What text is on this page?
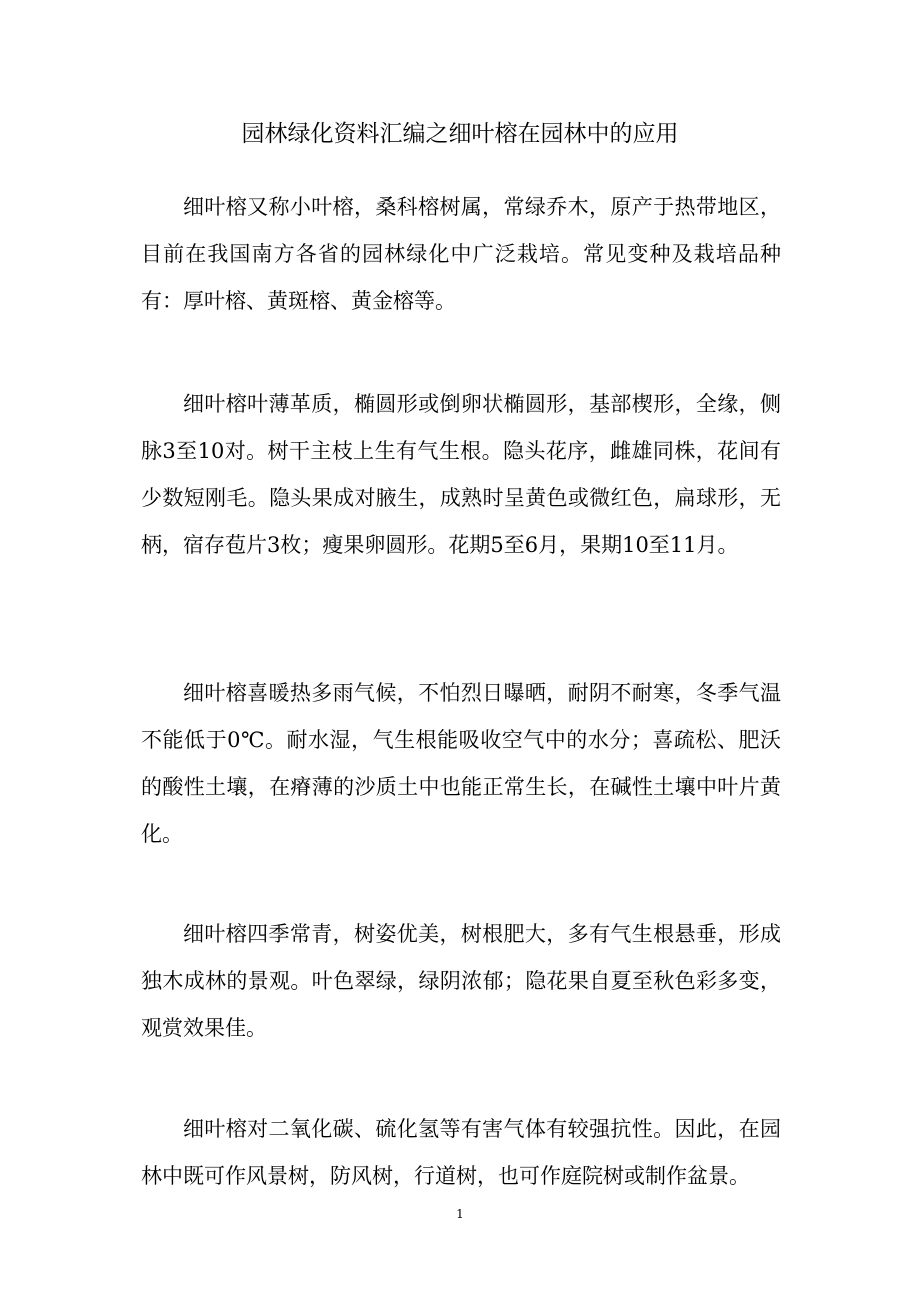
园林绿化资料汇编之细叶榕在园林中的应用

细叶榕又称小叶榕，桑科榕树属，常绿乔木，原产于热带地区，目前在我国南方各省的园林绿化中广泛栽培。常见变种及栽培品种有：厚叶榕、黄斑榕、黄金榕等。

细叶榕叶薄革质，椭圆形或倒卵状椭圆形，基部楔形，全缘，侧脉3至10对。树干主枝上生有气生根。隐头花序，雌雄同株，花间有少数短刚毛。隐头果成对腋生，成熟时呈黄色或微红色，扁球形，无柄，宿存苞片3枚；瘦果卵圆形。花期5至6月，果期10至11月。

细叶榕喜暖热多雨气候，不怕烈日曝晒，耐阴不耐寒，冬季气温不能低于0℃。耐水湿，气生根能吸收空气中的水分；喜疏松、肥沃的酸性土壤，在瘠薄的沙质土中也能正常生长，在碱性土壤中叶片黄化。

细叶榕四季常青，树姿优美，树根肥大，多有气生根悬垂，形成独木成林的景观。叶色翠绿，绿阴浓郁；隐花果自夏至秋色彩多变，观赏效果佳。

细叶榕对二氧化碳、硫化氢等有害气体有较强抗性。因此，在园林中既可作风景树，防风树，行道树，也可作庭院树或制作盆景。

1
